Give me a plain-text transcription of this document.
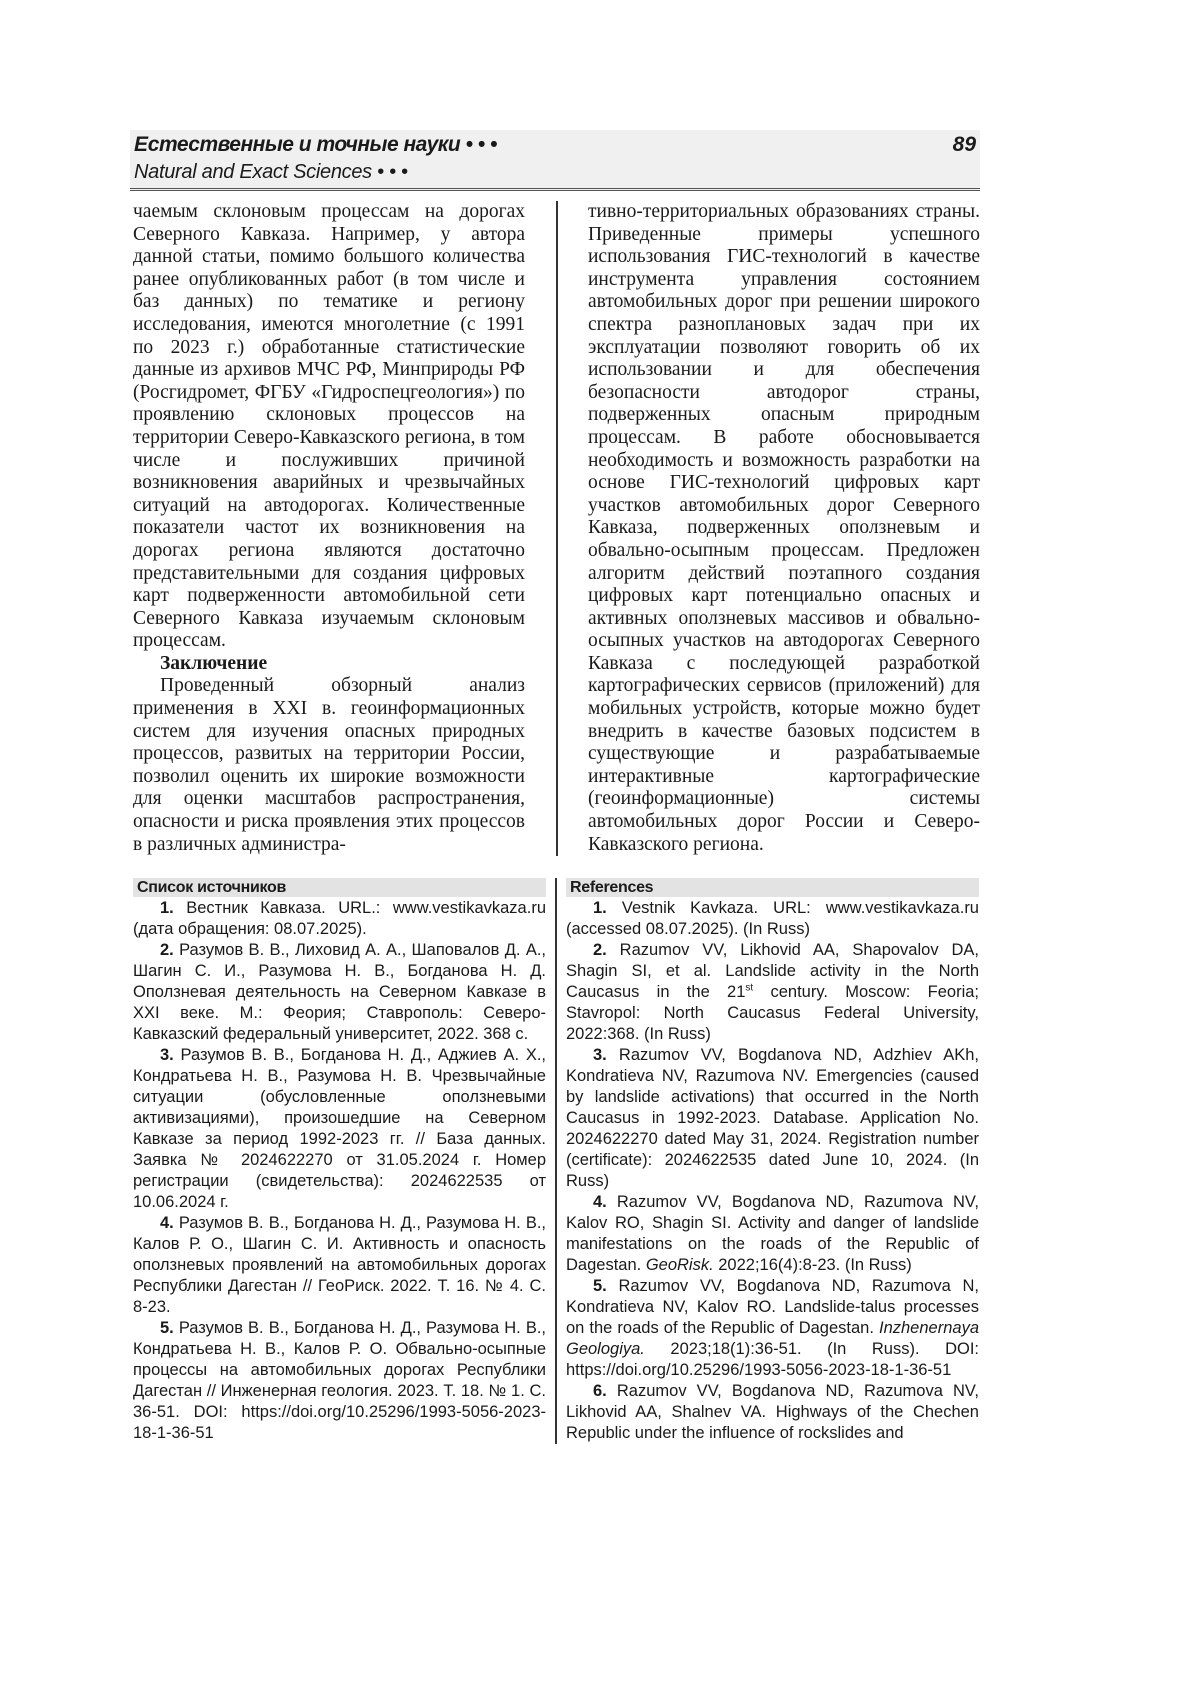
Естественные и точные науки • • •
Natural and Exact Sciences • • •
89

чаемым склоновым процессам на дорогах Северного Кавказа. Например, у автора данной статьи, помимо большого количества ранее опубликованных работ (в том числе и баз данных) по тематике и региону исследования, имеются многолетние (с 1991 по 2023 г.) обработанные статистические данные из архивов МЧС РФ, Минприроды РФ (Росгидромет, ФГБУ «Гидроспецгеология») по проявлению склоновых процессов на территории Северо-Кавказского региона, в том числе и послуживших причиной возникновения аварийных и чрезвычайных ситуаций на автодорогах. Количественные показатели частот их возникновения на дорогах региона являются достаточно представительными для создания цифровых карт подверженности автомобильной сети Северного Кавказа изучаемым склоновым процессам.

Заключение

Проведенный обзорный анализ применения в XXI в. геоинформационных систем для изучения опасных природных процессов, развитых на территории России, позволил оценить их широкие возможности для оценки масштабов распространения, опасности и риска проявления этих процессов в различных администра-

тивно-территориальных образованиях страны. Приведенные примеры успешного использования ГИС-технологий в качестве инструмента управления состоянием автомобильных дорог при решении широкого спектра разноплановых задач при их эксплуатации позволяют говорить об их использовании и для обеспечения безопасности автодорог страны, подверженных опасным природным процессам. В работе обосновывается необходимость и возможность разработки на основе ГИС-технологий цифровых карт участков автомобильных дорог Северного Кавказа, подверженных оползневым и обвально-осыпным процессам. Предложен алгоритм действий поэтапного создания цифровых карт потенциально опасных и активных оползневых массивов и обвально-осыпных участков на автодорогах Северного Кавказа с последующей разработкой картографических сервисов (приложений) для мобильных устройств, которые можно будет внедрить в качестве базовых подсистем в существующие и разрабатываемые интерактивные картографические (геоинформационные) системы автомобильных дорог России и Северо-Кавказского региона.

Список источников

1. Вестник Кавказа. URL.: www.vestikavkaza.ru (дата обращения: 08.07.2025).

2. Разумов В. В., Лиховид А. А., Шаповалов Д. А., Шагин С. И., Разумова Н. В., Богданова Н. Д. Оползневая деятельность на Северном Кавказе в XXI веке. М.: Феория; Ставрополь: Северо-Кавказский федеральный университет, 2022. 368 с.

3. Разумов В. В., Богданова Н. Д., Аджиев А. Х., Кондратьева Н. В., Разумова Н. В. Чрезвычайные ситуации (обусловленные оползневыми активизациями), произошедшие на Северном Кавказе за период 1992-2023 гг. // База данных. Заявка № 2024622270 от 31.05.2024 г. Номер регистрации (свидетельства): 2024622535 от 10.06.2024 г.

4. Разумов В. В., Богданова Н. Д., Разумова Н. В., Калов Р. О., Шагин С. И. Активность и опасность оползневых проявлений на автомобильных дорогах Республики Дагестан // ГеоРиск. 2022. Т. 16. № 4. С. 8-23.

5. Разумов В. В., Богданова Н. Д., Разумова Н. В., Кондратьева Н. В., Калов Р. О. Обвально-осыпные процессы на автомобильных дорогах Республики Дагестан // Инженерная геология. 2023. Т. 18. № 1. С. 36-51. DOI: https://doi.org/10.25296/1993-5056-2023-18-1-36-51

References

1. Vestnik Kavkaza. URL: www.vestikavkaza.ru (accessed 08.07.2025). (In Russ)

2. Razumov VV, Likhovid AA, Shapovalov DA, Shagin SI, et al. Landslide activity in the North Caucasus in the 21st century. Moscow: Feoria; Stavropol: North Caucasus Federal University, 2022:368. (In Russ)

3. Razumov VV, Bogdanova ND, Adzhiev AKh, Kondratieva NV, Razumova NV. Emergencies (caused by landslide activations) that occurred in the North Caucasus in 1992-2023. Database. Application No. 2024622270 dated May 31, 2024. Registration number (certificate): 2024622535 dated June 10, 2024. (In Russ)

4. Razumov VV, Bogdanova ND, Razumova NV, Kalov RO, Shagin SI. Activity and danger of landslide manifestations on the roads of the Republic of Dagestan. GeoRisk. 2022;16(4):8-23. (In Russ)

5. Razumov VV, Bogdanova ND, Razumova N, Kondratieva NV, Kalov RO. Landslide-talus processes on the roads of the Republic of Dagestan. Inzhenernaya Geologiya. 2023;18(1):36-51. (In Russ). DOI: https://doi.org/10.25296/1993-5056-2023-18-1-36-51

6. Razumov VV, Bogdanova ND, Razumova NV, Likhovid AA, Shalnev VA. Highways of the Chechen Republic under the influence of rockslides and
